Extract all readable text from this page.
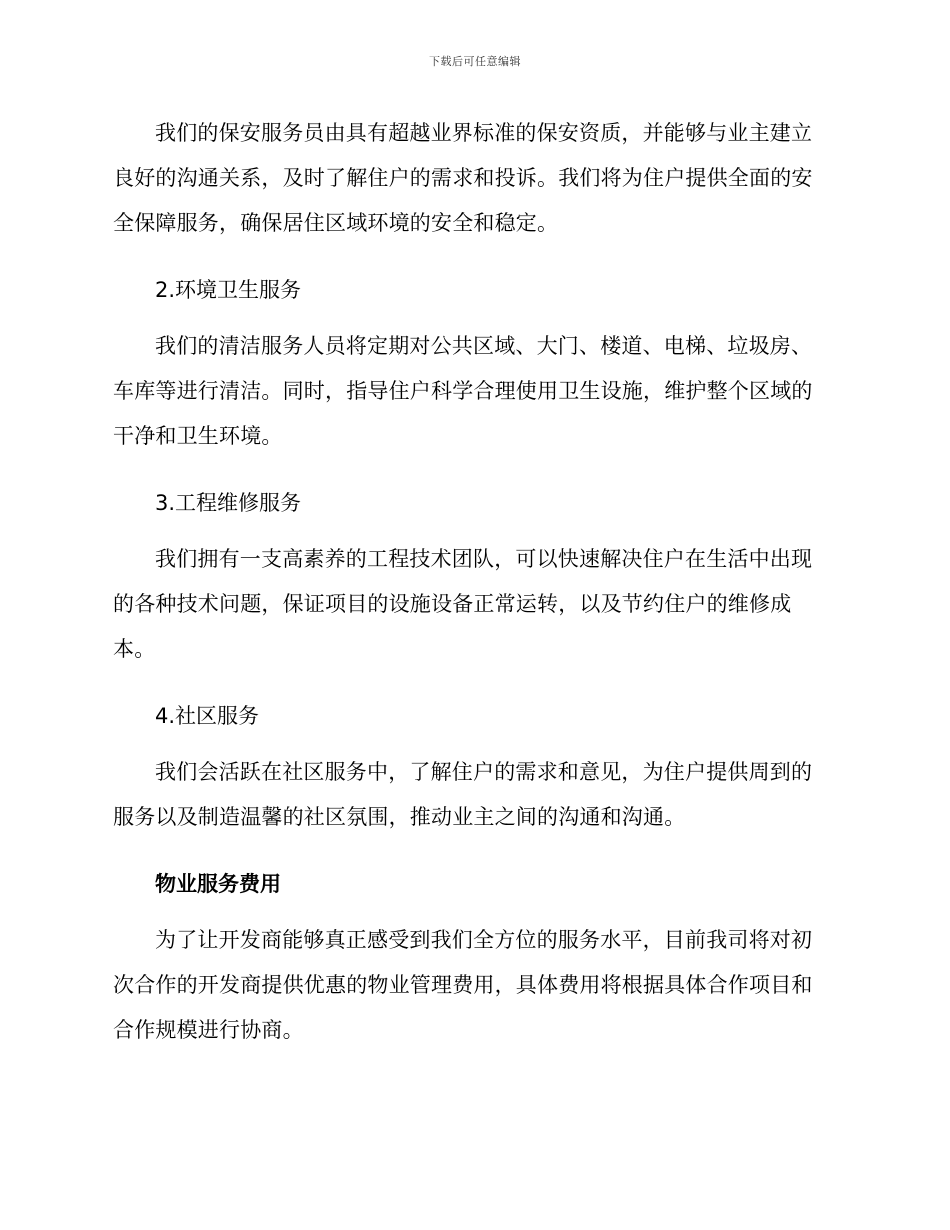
下载后可任意编辑

我们的保安服务员由具有超越业界标准的保安资质，并能够与业主建立良好的沟通关系，及时了解住户的需求和投诉。我们将为住户提供全面的安全保障服务，确保居住区域环境的安全和稳定。

2.环境卫生服务

我们的清洁服务人员将定期对公共区域、大门、楼道、电梯、垃圾房、车库等进行清洁。同时，指导住户科学合理使用卫生设施，维护整个区域的干净和卫生环境。

3.工程维修服务

我们拥有一支高素养的工程技术团队，可以快速解决住户在生活中出现的各种技术问题，保证项目的设施设备正常运转，以及节约住户的维修成本。

4.社区服务

我们会活跃在社区服务中，了解住户的需求和意见，为住户提供周到的服务以及制造温馨的社区氛围，推动业主之间的沟通和沟通。

物业服务费用

为了让开发商能够真正感受到我们全方位的服务水平，目前我司将对初次合作的开发商提供优惠的物业管理费用，具体费用将根据具体合作项目和合作规模进行协商。
